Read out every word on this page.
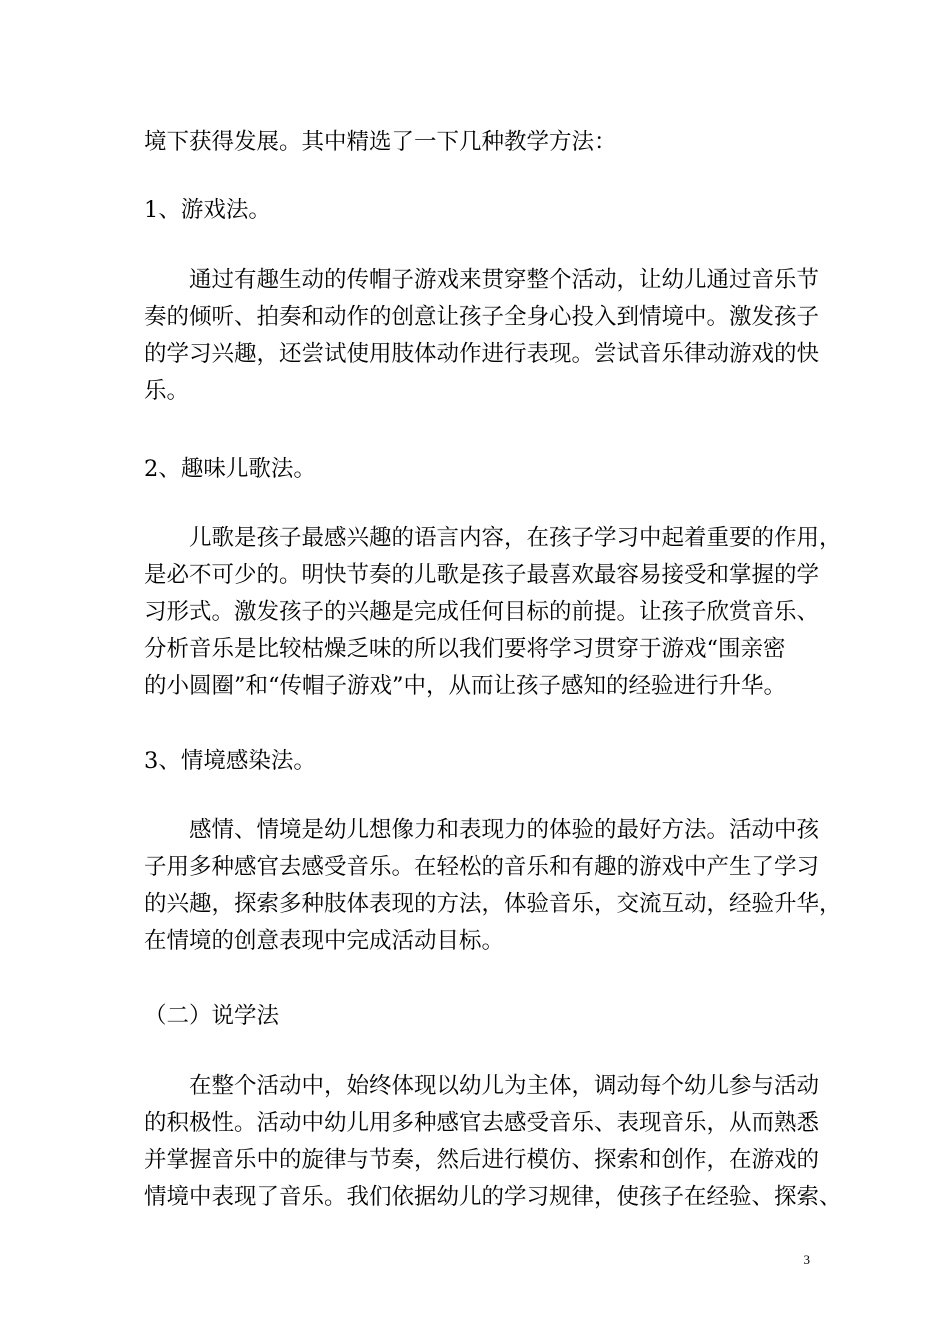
境下获得发展。其中精选了一下几种教学方法：

1、游戏法。

通过有趣生动的传帽子游戏来贯穿整个活动，让幼儿通过音乐节
奏的倾听、拍奏和动作的创意让孩子全身心投入到情境中。激发孩子
的学习兴趣，还尝试使用肢体动作进行表现。尝试音乐律动游戏的快
乐。

2、趣味儿歌法。

儿歌是孩子最感兴趣的语言内容，在孩子学习中起着重要的作用，
是必不可少的。明快节奏的儿歌是孩子最喜欢最容易接受和掌握的学
习形式。激发孩子的兴趣是完成任何目标的前提。让孩子欣赏音乐、
分析音乐是比较枯燥乏味的所以我们要将学习贯穿于游戏“围亲密
的小圆圈”和“传帽子游戏”中，从而让孩子感知的经验进行升华。

3、情境感染法。

感情、情境是幼儿想像力和表现力的体验的最好方法。活动中孩
子用多种感官去感受音乐。在轻松的音乐和有趣的游戏中产生了学习
的兴趣，探索多种肢体表现的方法，体验音乐，交流互动，经验升华，
在情境的创意表现中完成活动目标。

（二）说学法

在整个活动中，始终体现以幼儿为主体，调动每个幼儿参与活动
的积极性。活动中幼儿用多种感官去感受音乐、表现音乐，从而熟悉
并掌握音乐中的旋律与节奏，然后进行模仿、探索和创作，在游戏的
情境中表现了音乐。我们依据幼儿的学习规律，使孩子在经验、探索、

3
